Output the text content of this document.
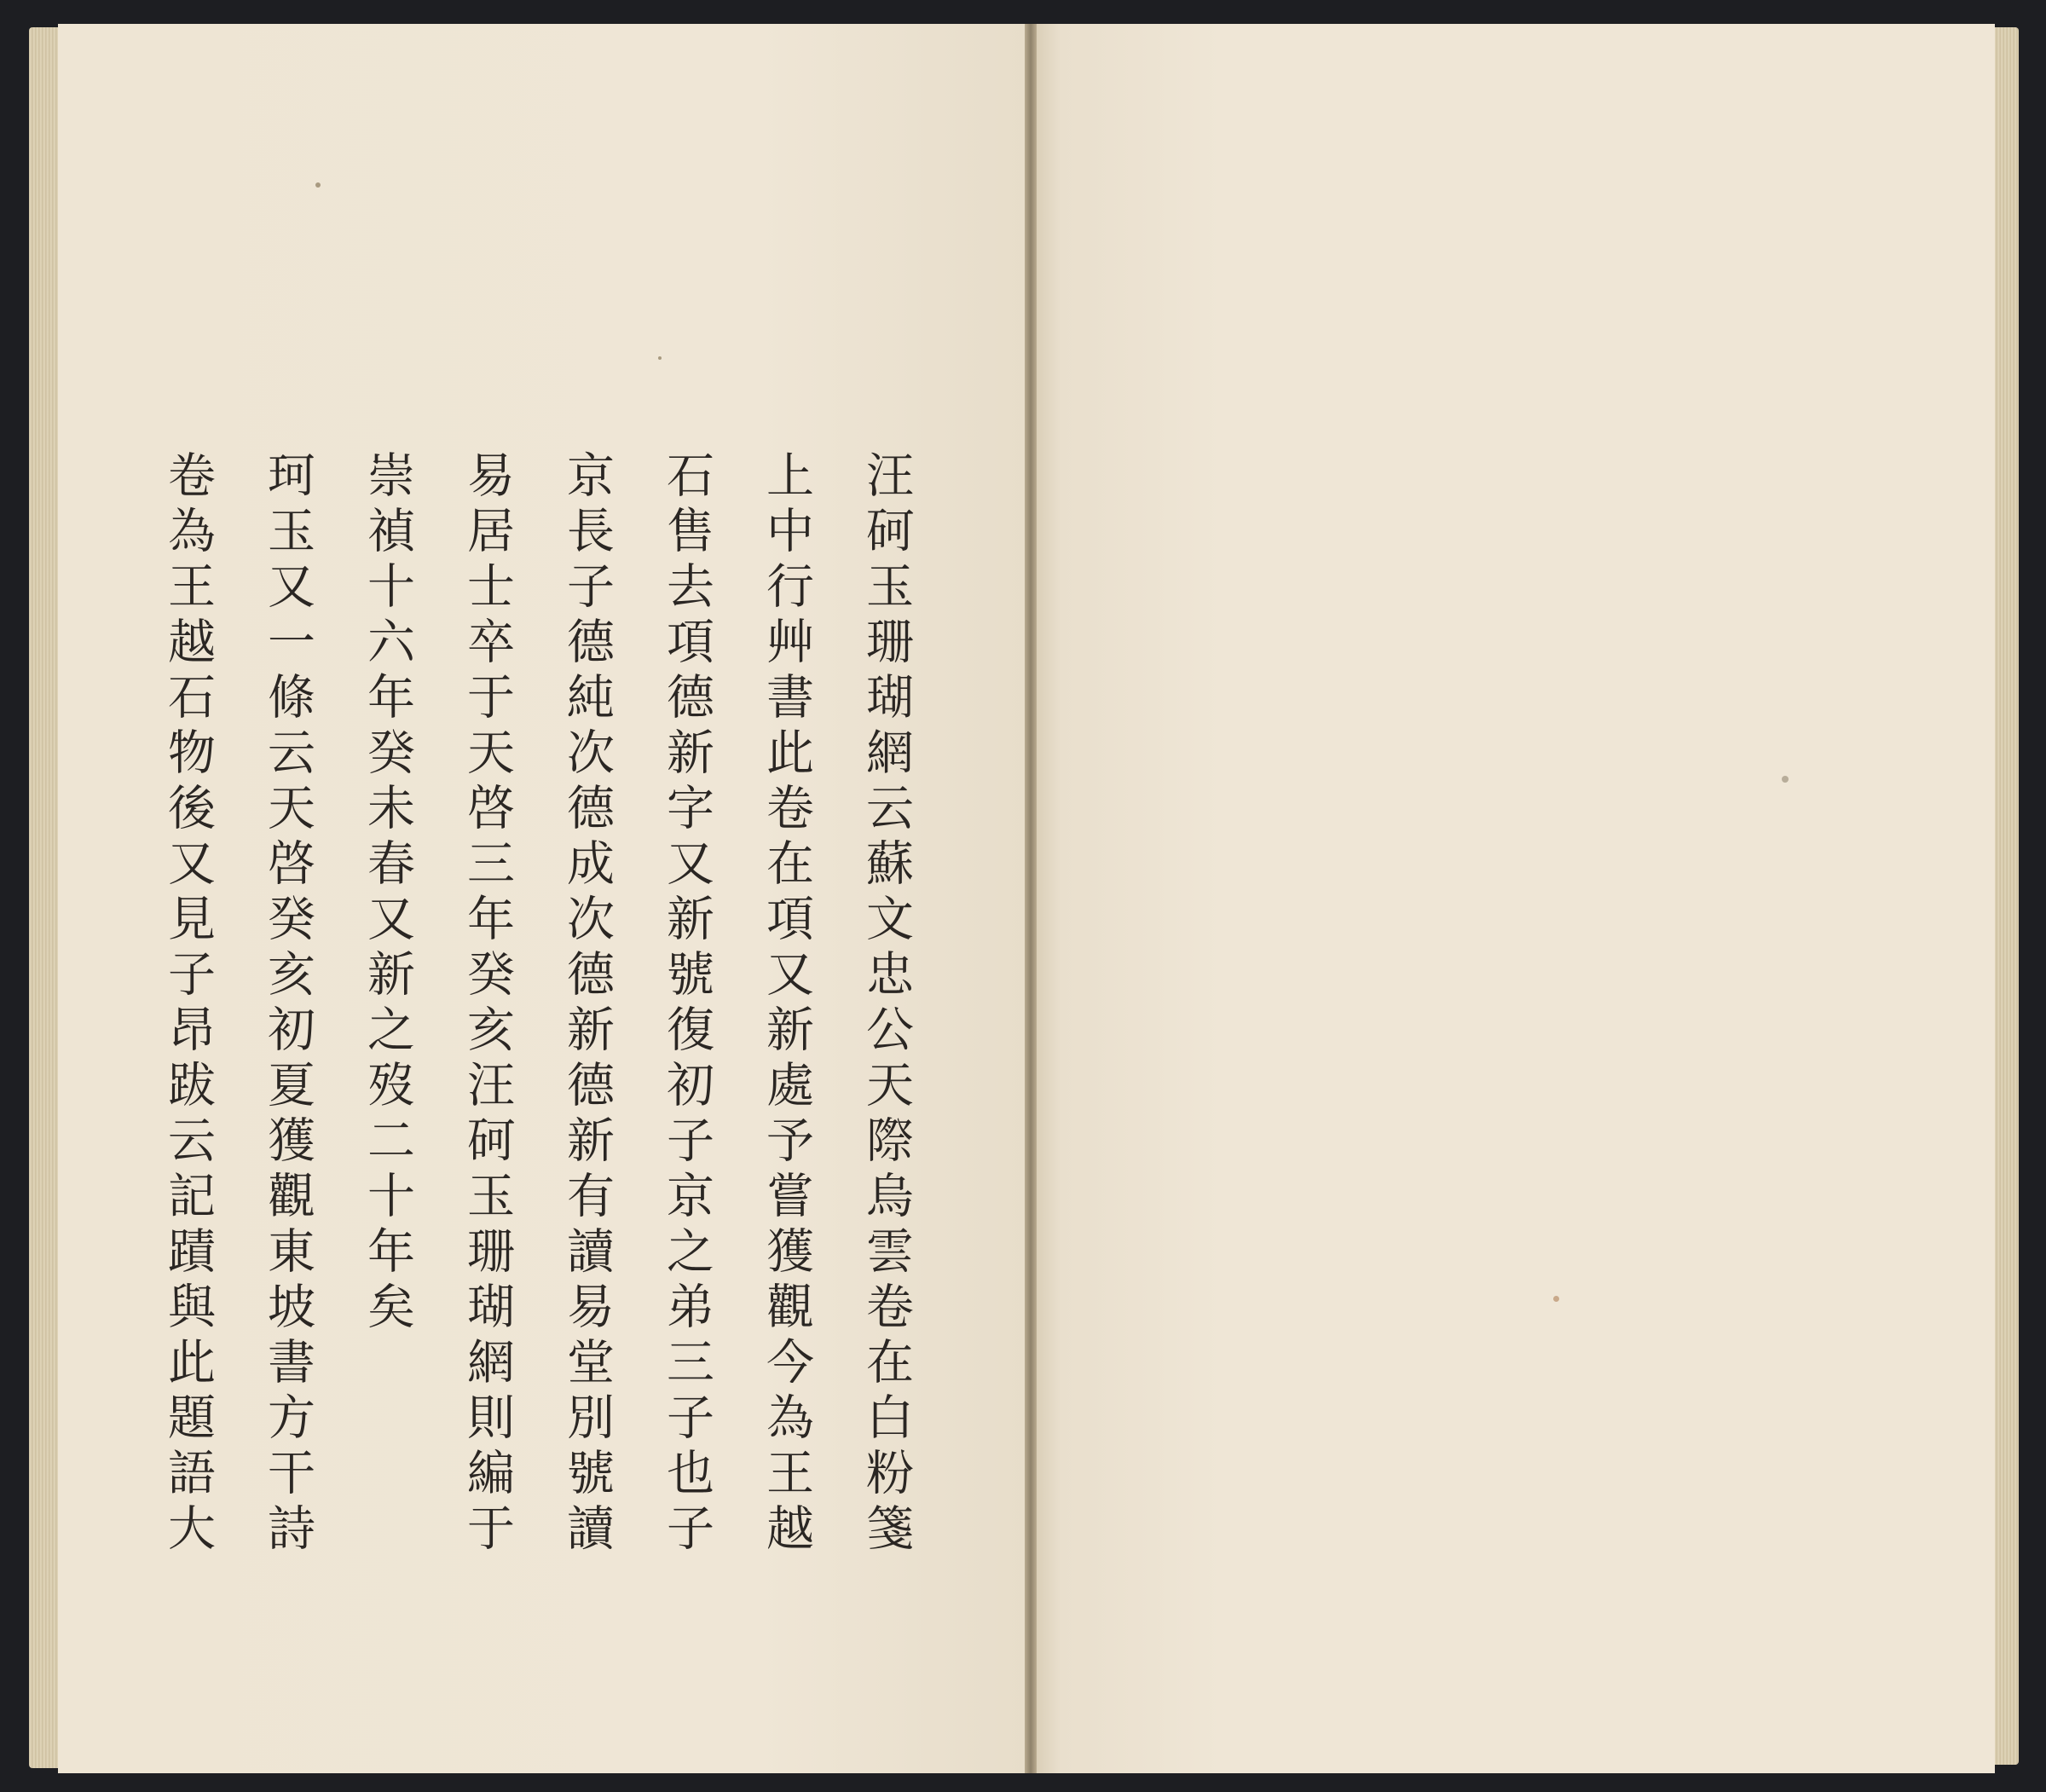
汪砢玉珊瑚網云蘇文忠公天際烏雲卷在白粉箋

上中行艸書此卷在項又新處予嘗獲觀今為王越

石售去項德新字又新號復初子京之弟三子也子

京長子德純次德成次德新德新有讀易堂別號讀

易居士卒于天啓三年癸亥汪砢玉珊瑚網則編于

崇禎十六年癸未春又新之歿二十年矣

珂玉又一條云天啓癸亥初夏獲觀東坡書方干詩

卷為王越石物後又見子昂跋云記蹟與此題語大
